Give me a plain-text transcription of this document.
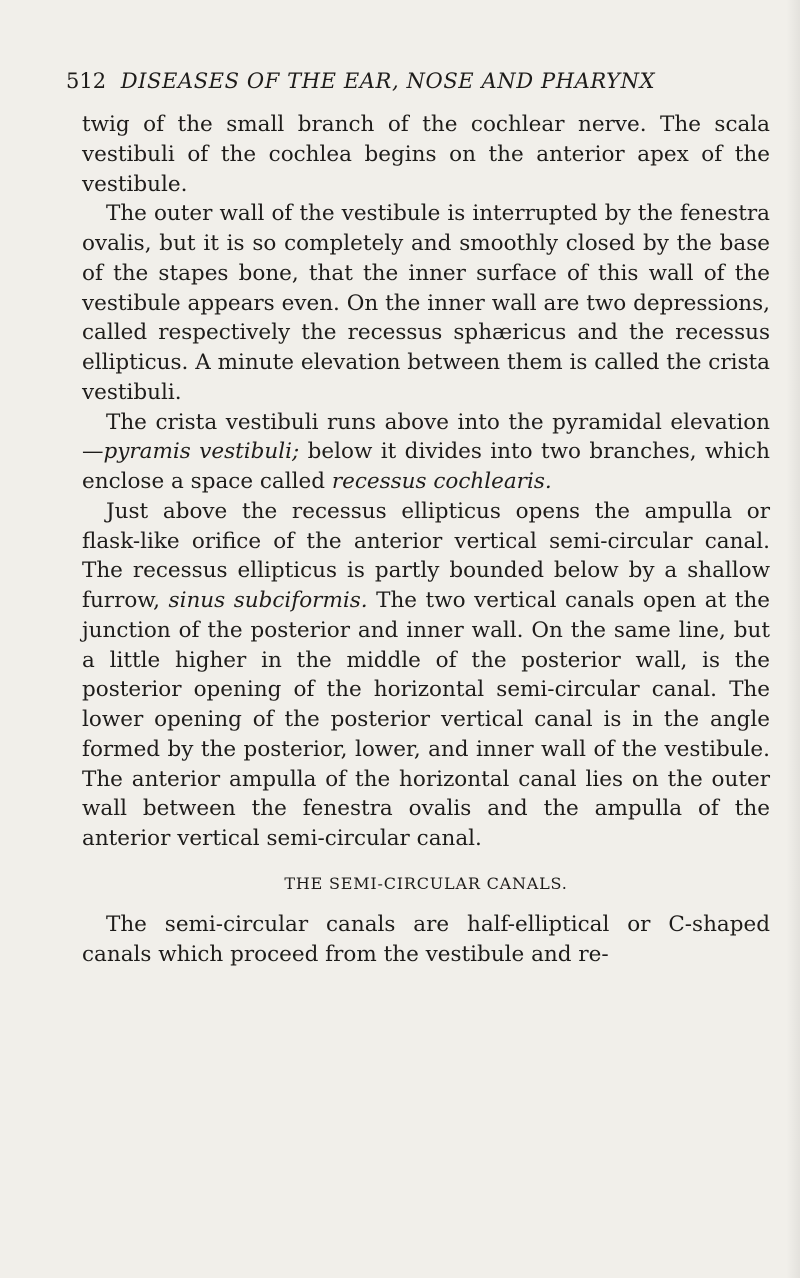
512 DISEASES OF THE EAR, NOSE AND PHARYNX

twig of the small branch of the cochlear nerve. The scala vestibuli of the cochlea begins on the anterior apex of the vestibule.

The outer wall of the vestibule is interrupted by the fenestra ovalis, but it is so completely and smoothly closed by the base of the stapes bone, that the inner surface of this wall of the vestibule appears even. On the inner wall are two depressions, called respectively the recessus sphæricus and the recessus ellipticus. A minute elevation between them is called the crista vestibuli.

The crista vestibuli runs above into the pyramidal elevation—pyramis vestibuli; below it divides into two branches, which enclose a space called recessus cochlearis.

Just above the recessus ellipticus opens the ampulla or flask-like orifice of the anterior vertical semi-circular canal. The recessus ellipticus is partly bounded below by a shallow furrow, sinus subciformis. The two vertical canals open at the junction of the posterior and inner wall. On the same line, but a little higher in the middle of the posterior wall, is the posterior opening of the horizontal semi-circular canal. The lower opening of the posterior vertical canal is in the angle formed by the posterior, lower, and inner wall of the vestibule. The anterior ampulla of the horizontal canal lies on the outer wall between the fenestra ovalis and the ampulla of the anterior vertical semi-circular canal.

THE SEMI-CIRCULAR CANALS.

The semi-circular canals are half-elliptical or C-shaped canals which proceed from the vestibule and re-
